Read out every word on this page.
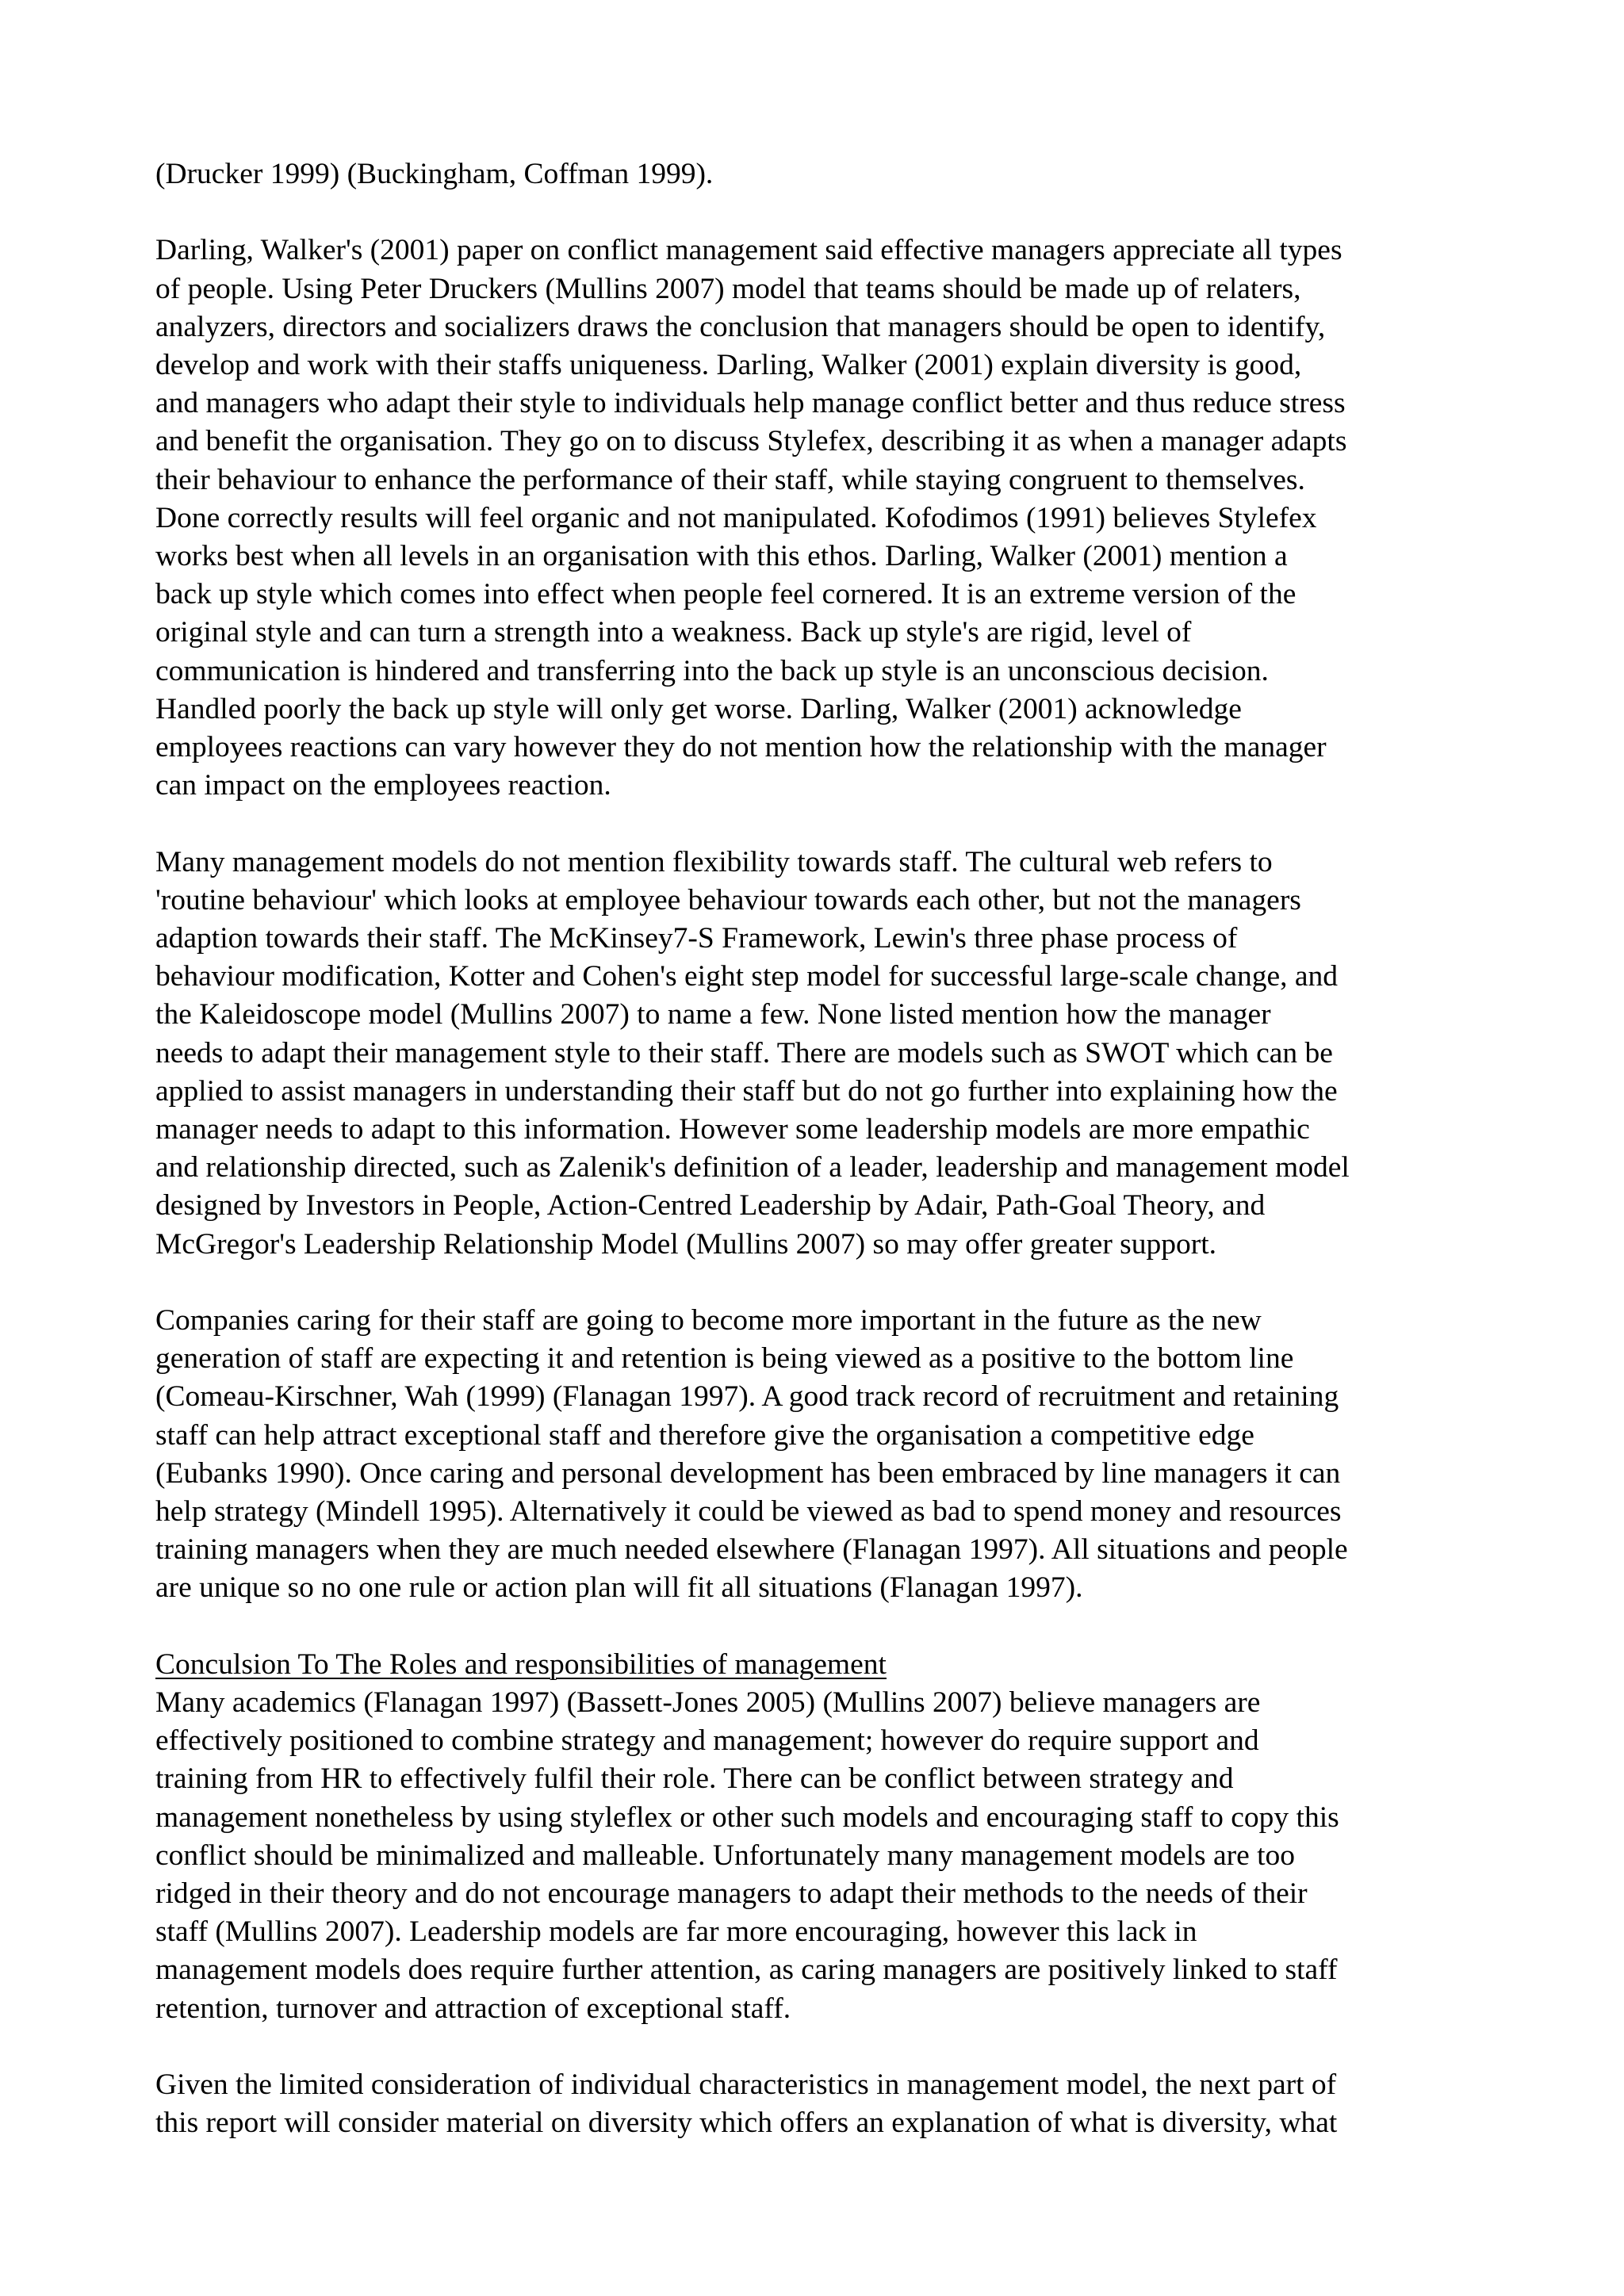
(Drucker 1999) (Buckingham, Coffman 1999).

Darling, Walker's (2001) paper on conflict management said effective managers appreciate all types
of people. Using Peter Druckers (Mullins 2007) model that teams should be made up of relaters,
analyzers, directors and socializers draws the conclusion that managers should be open to identify,
develop and work with their staffs uniqueness. Darling, Walker (2001) explain diversity is good,
and managers who adapt their style to individuals help manage conflict better and thus reduce stress
and benefit the organisation. They go on to discuss Stylefex, describing it as when a manager adapts
their behaviour to enhance the performance of their staff, while staying congruent to themselves.
Done correctly results will feel organic and not manipulated. Kofodimos (1991) believes Stylefex
works best when all levels in an organisation with this ethos. Darling, Walker (2001) mention a
back up style which comes into effect when people feel cornered. It is an extreme version of the
original style and can turn a strength into a weakness. Back up style's are rigid, level of
communication is hindered and transferring into the back up style is an unconscious decision.
Handled poorly the back up style will only get worse. Darling, Walker (2001) acknowledge
employees reactions can vary however they do not mention how the relationship with the manager
can impact on the employees reaction.

Many management models do not mention flexibility towards staff. The cultural web refers to
'routine behaviour' which looks at employee behaviour towards each other, but not the managers
adaption towards their staff. The McKinsey7-S Framework, Lewin's three phase process of
behaviour modification, Kotter and Cohen's eight step model for successful large-scale change, and
the Kaleidoscope model (Mullins 2007) to name a few. None listed mention how the manager
needs to adapt their management style to their staff. There are models such as SWOT which can be
applied to assist managers in understanding their staff but do not go further into explaining how the
manager needs to adapt to this information. However some leadership models are more empathic
and relationship directed, such as Zalenik's definition of a leader, leadership and management model
designed by Investors in People, Action-Centred Leadership by Adair, Path-Goal Theory, and
McGregor's Leadership Relationship Model (Mullins 2007) so may offer greater support.

Companies caring for their staff are going to become more important in the future as the new
generation of staff are expecting it and retention is being viewed as a positive to the bottom line
(Comeau-Kirschner, Wah (1999) (Flanagan 1997). A good track record of recruitment and retaining
staff can help attract exceptional staff and therefore give the organisation a competitive edge
(Eubanks 1990). Once caring and personal development has been embraced by line managers it can
help strategy (Mindell 1995). Alternatively it could be viewed as bad to spend money and resources
training managers when they are much needed elsewhere (Flanagan 1997). All situations and people
are unique so no one rule or action plan will fit all situations (Flanagan 1997).

Conculsion To The Roles and responsibilities of management
Many academics (Flanagan 1997) (Bassett-Jones 2005) (Mullins 2007) believe managers are
effectively positioned to combine strategy and management; however do require support and
training from HR to effectively fulfil their role. There can be conflict between strategy and
management nonetheless by using styleflex or other such models and encouraging staff to copy this
conflict should be minimalized and malleable. Unfortunately many management models are too
ridged in their theory and do not encourage managers to adapt their methods to the needs of their
staff (Mullins 2007). Leadership models are far more encouraging, however this lack in
management models does require further attention, as caring managers are positively linked to staff
retention, turnover and attraction of exceptional staff.

Given the limited consideration of individual characteristics in management model, the next part of
this report will consider material on diversity which offers an explanation of what is diversity, what
